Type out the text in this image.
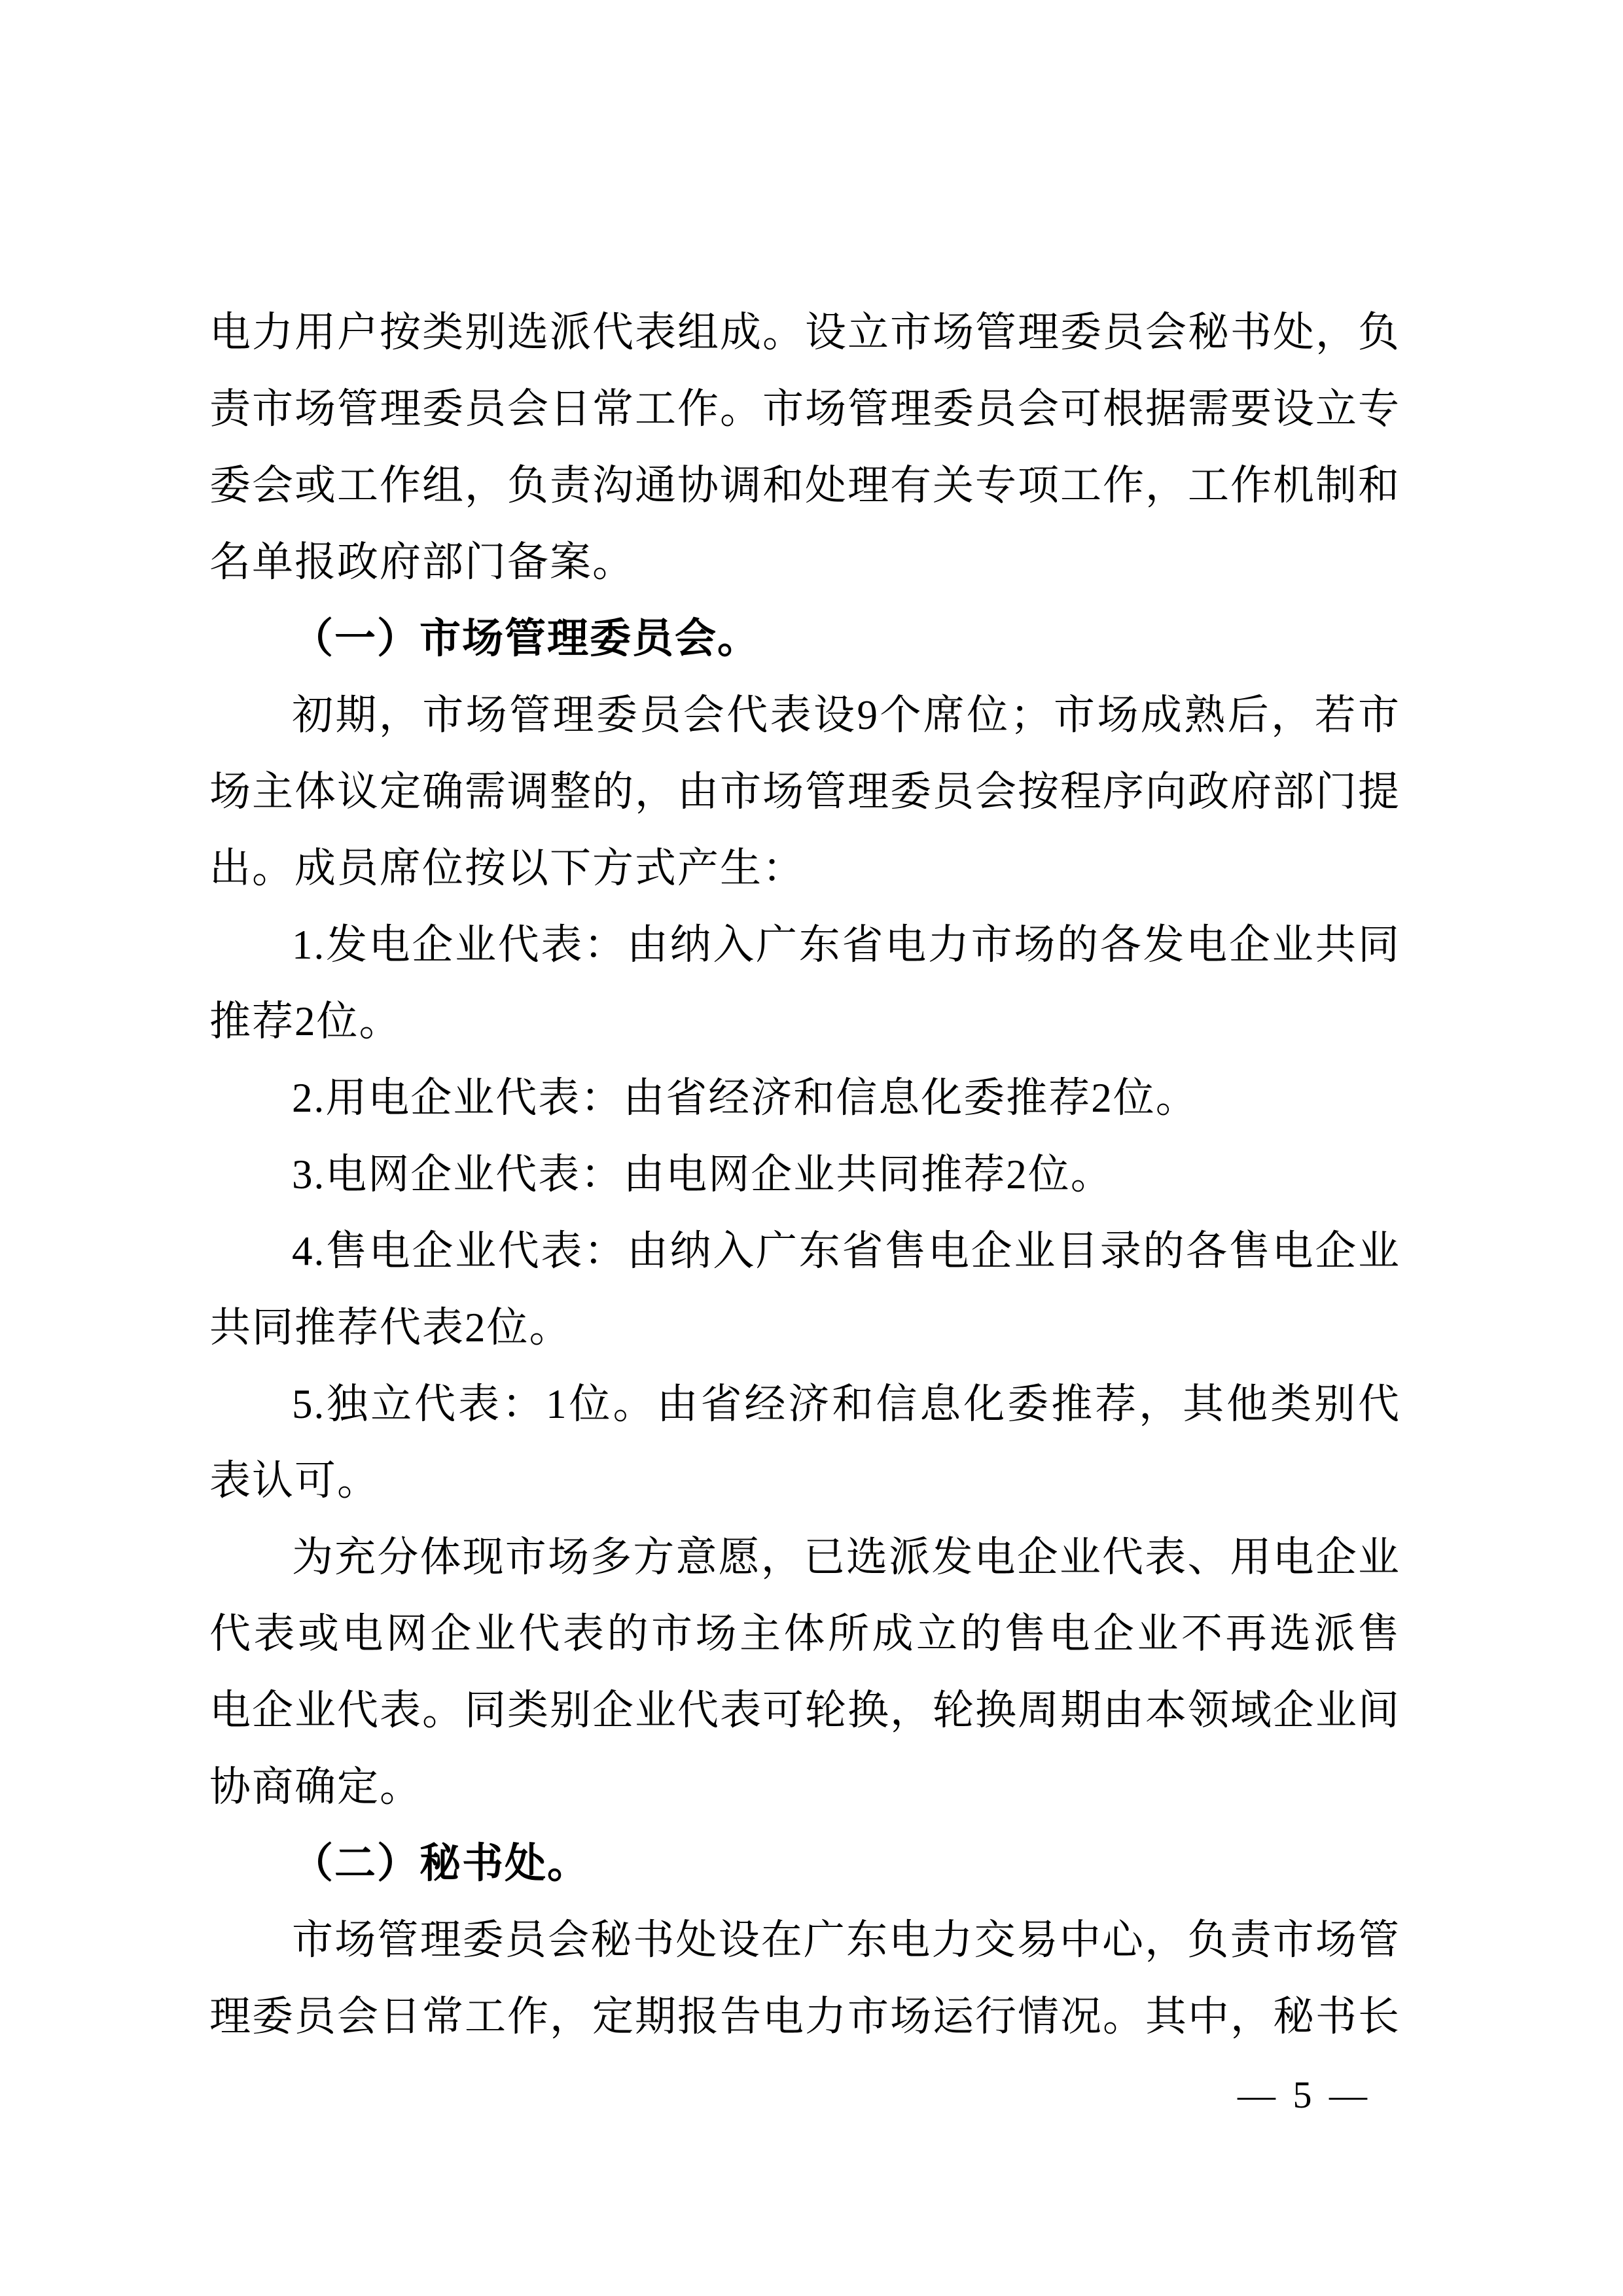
电力用户按类别选派代表组成。设立市场管理委员会秘书处，负
责市场管理委员会日常工作。市场管理委员会可根据需要设立专
委会或工作组，负责沟通协调和处理有关专项工作，工作机制和
名单报政府部门备案。
（一）市场管理委员会。
初期，市场管理委员会代表设9个席位；市场成熟后，若市
场主体议定确需调整的，由市场管理委员会按程序向政府部门提
出。成员席位按以下方式产生：
1.发电企业代表：由纳入广东省电力市场的各发电企业共同
推荐2位。
2.用电企业代表：由省经济和信息化委推荐2位。
3.电网企业代表：由电网企业共同推荐2位。
4.售电企业代表：由纳入广东省售电企业目录的各售电企业
共同推荐代表2位。
5.独立代表：1位。由省经济和信息化委推荐，其他类别代
表认可。
为充分体现市场多方意愿，已选派发电企业代表、用电企业
代表或电网企业代表的市场主体所成立的售电企业不再选派售
电企业代表。同类别企业代表可轮换，轮换周期由本领域企业间
协商确定。
（二）秘书处。
市场管理委员会秘书处设在广东电力交易中心，负责市场管
理委员会日常工作，定期报告电力市场运行情况。其中，秘书长
— 5 —
